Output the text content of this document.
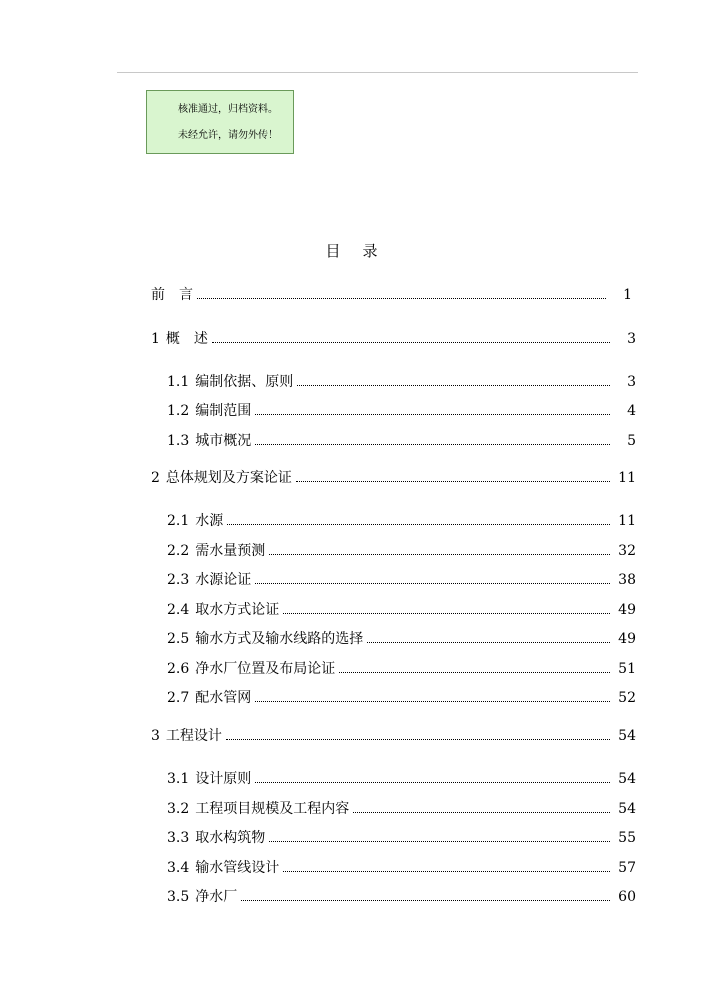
核准通过，归档资料。
未经允许，请勿外传！
目录
前　言	1
1 概　述	3
1.1 编制依据、原则	3
1.2 编制范围	4
1.3 城市概况	5
2 总体规划及方案论证	11
2.1 水源	11
2.2 需水量预测	32
2.3 水源论证	38
2.4 取水方式论证	49
2.5 输水方式及输水线路的选择	49
2.6 净水厂位置及布局论证	51
2.7 配水管网	52
3 工程设计	54
3.1 设计原则	54
3.2 工程项目规模及工程内容	54
3.3 取水构筑物	55
3.4 输水管线设计	57
3.5 净水厂	60
